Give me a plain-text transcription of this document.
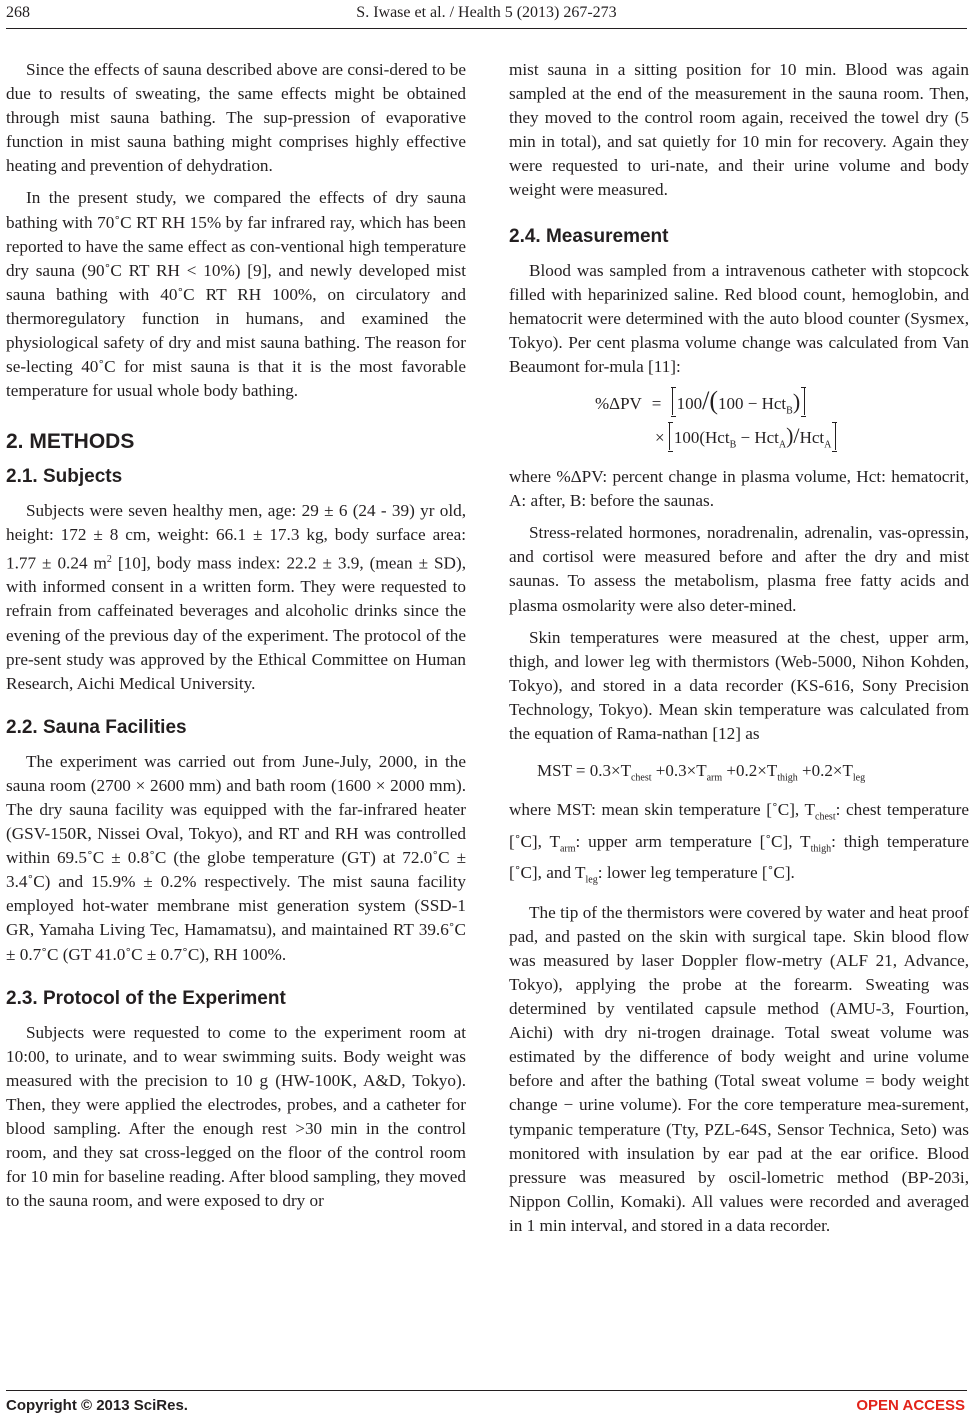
268	S. Iwase et al. / Health 5 (2013) 267-273

Since the effects of sauna described above are consi-dered to be due to results of sweating, the same effects might be obtained through mist sauna bathing. The sup-pression of evaporative function in mist sauna bathing might comprises highly effective heating and prevention of dehydration.

In the present study, we compared the effects of dry sauna bathing with 70˚C RT RH 15% by far infrared ray, which has been reported to have the same effect as con-ventional high temperature dry sauna (90˚C RT RH < 10%) [9], and newly developed mist sauna bathing with 40˚C RT RH 100%, on circulatory and thermoregulatory function in humans, and examined the physiological safety of dry and mist sauna bathing. The reason for se-lecting 40˚C for mist sauna is that it is the most favorable temperature for usual whole body bathing.

2. METHODS
2.1. Subjects

Subjects were seven healthy men, age: 29 ± 6 (24 - 39) yr old, height: 172 ± 8 cm, weight: 66.1 ± 17.3 kg, body surface area: 1.77 ± 0.24 $m^2$ [10], body mass index: 22.2 ± 3.9, (mean ± SD), with informed consent in a written form. They were requested to refrain from caffeinated beverages and alcoholic drinks since the evening of the previous day of the experiment. The protocol of the pre-sent study was approved by the Ethical Committee on Human Research, Aichi Medical University.

2.2. Sauna Facilities

The experiment was carried out from June-July, 2000, in the sauna room (2700 × 2600 mm) and bath room (1600 × 2000 mm). The dry sauna facility was equipped with the far-infrared heater (GSV-150R, Nissei Oval, Tokyo), and RT and RH was controlled within 69.5˚C ± 0.8˚C (the globe temperature (GT) at 72.0˚C ± 3.4˚C) and 15.9% ± 0.2% respectively. The mist sauna facility employed hot-water membrane mist generation system (SSD-1 GR, Yamaha Living Tec, Hamamatsu), and maintained RT 39.6˚C ± 0.7˚C (GT 41.0˚C ± 0.7˚C), RH 100%.

2.3. Protocol of the Experiment

Subjects were requested to come to the experiment room at 10:00, to urinate, and to wear swimming suits. Body weight was measured with the precision to 10 g (HW-100K, A&D, Tokyo). Then, they were applied the electrodes, probes, and a catheter for blood sampling. After the enough rest >30 min in the control room, and they sat cross-legged on the floor of the control room for 10 min for baseline reading. After blood sampling, they moved to the sauna room, and were exposed to dry or

mist sauna in a sitting position for 10 min. Blood was again sampled at the end of the measurement in the sauna room. Then, they moved to the control room again, received the towel dry (5 min in total), and sat quietly for 10 min for recovery. Again they were requested to uri-nate, and their urine volume and body weight were measured.

2.4. Measurement

Blood was sampled from a intravenous catheter with stopcock filled with heparinized saline. Red blood count, hemoglobin, and hematocrit were determined with the auto blood counter (Sysmex, Tokyo). Per cent plasma volume change was calculated from Van Beaumont for-mula [11]:

%ΔPV = 100/(100 − Hct$_B$)
× 100(Hct$_B$ − Hct$_A$)/Hct$_A$

where %ΔPV: percent change in plasma volume, Hct: hematocrit, A: after, B: before the saunas.

Stress-related hormones, noradrenalin, adrenalin, vas-opressin, and cortisol were measured before and after the dry and mist saunas. To assess the metabolism, plasma free fatty acids and plasma osmolarity were also deter-mined.

Skin temperatures were measured at the chest, upper arm, thigh, and lower leg with thermistors (Web-5000, Nihon Kohden, Tokyo), and stored in a data recorder (KS-616, Sony Precision Technology, Tokyo). Mean skin temperature was calculated from the equation of Rama-nathan [12] as

MST = $0.3\times T_{chest} +0.3\times T_{arm} +0.2\times T_{thigh} +0.2\times T_{leg}$

where MST: mean skin temperature [˚C], $T_{chest}$: chest temperature [˚C], $T_{arm}$: upper arm temperature [˚C], $T_{thigh}$: thigh temperature [˚C], and $T_{leg}$: lower leg temperature [˚C].

The tip of the thermistors were covered by water and heat proof pad, and pasted on the skin with surgical tape. Skin blood flow was measured by laser Doppler flow-metry (ALF 21, Advance, Tokyo), applying the probe at the forearm. Sweating was determined by ventilated capsule method (AMU-3, Fourtion, Aichi) with dry ni-trogen drainage. Total sweat volume was estimated by the difference of body weight and urine volume before and after the bathing (Total sweat volume = body weight change − urine volume). For the core temperature mea-surement, tympanic temperature (Tty, PZL-64S, Sensor Technica, Seto) was monitored with insulation by ear pad at the ear orifice. Blood pressure was measured by oscil-lometric method (BP-203i, Nippon Collin, Komaki). All values were recorded and averaged in 1 min interval, and stored in a data recorder.

Copyright © 2013 SciRes.	OPEN ACCESS
